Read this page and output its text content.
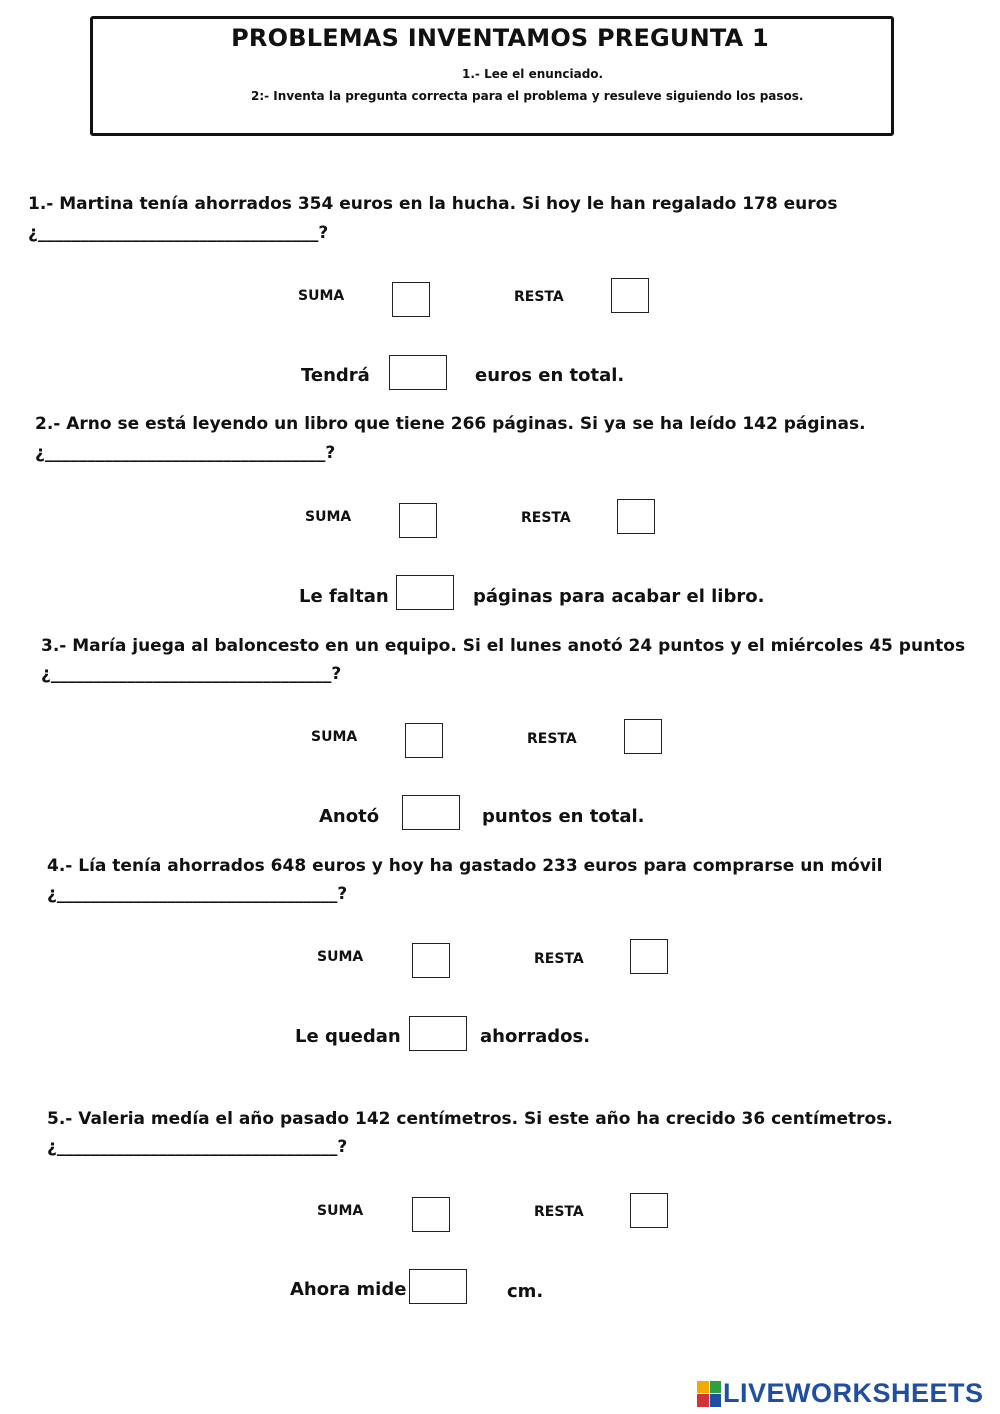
PROBLEMAS INVENTAMOS PREGUNTA 1
1.- Lee el enunciado.
2:- Inventa la pregunta correcta para el problema y resuleve siguiendo los pasos.
1.- Martina tenía ahorrados 354 euros en la hucha. Si hoy le han regalado 178 euros
¿_________________________________?
SUMA	RESTA
Tendrá	euros en total.
2.- Arno se está leyendo un libro que tiene 266 páginas. Si ya se ha leído 142 páginas.
¿_________________________________?
SUMA	RESTA
Le faltan	páginas para acabar el libro.
3.- María juega al baloncesto en un equipo. Si el lunes anotó 24 puntos y el miércoles 45 puntos
¿_________________________________?
SUMA	RESTA
Anotó	puntos en total.
4.- Lía tenía ahorrados 648 euros y hoy ha gastado 233 euros para comprarse un móvil
¿_________________________________?
SUMA	RESTA
Le quedan	ahorrados.
5.- Valeria medía el año pasado 142 centímetros. Si este año ha crecido 36 centímetros.
¿_________________________________?
SUMA	RESTA
Ahora mide	cm.
LIVEWORKSHEETS
